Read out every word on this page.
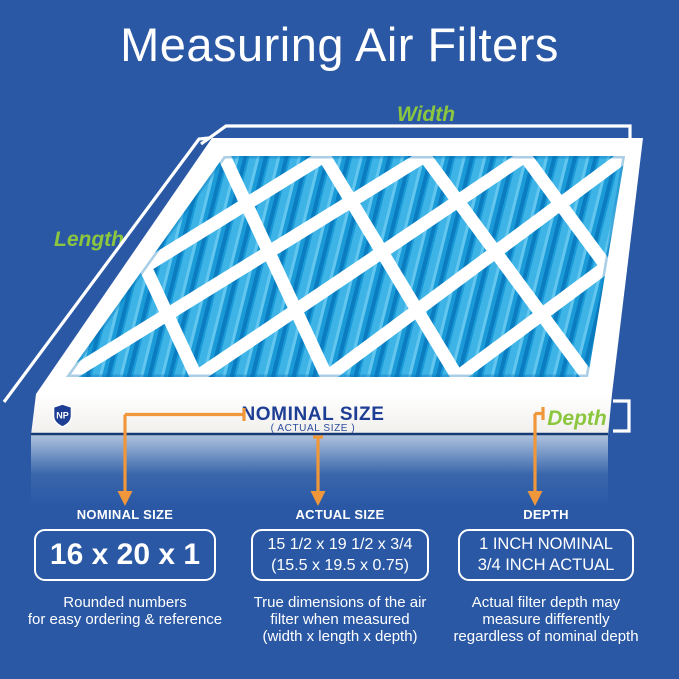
Measuring Air Filters
NP	NOMINAL SIZE
( ACTUAL SIZE )
Width
Length
Depth
NOMINAL SIZE
16 x 20 x 1
Rounded numbers
for easy ordering & reference
ACTUAL SIZE
15 1/2 x 19 1/2 x 3/4
(15.5 x 19.5 x 0.75)
True dimensions of the air
filter when measured
(width x length x depth)
DEPTH
1 INCH NOMINAL
3/4 INCH ACTUAL
Actual filter depth may
measure differently
regardless of nominal depth
